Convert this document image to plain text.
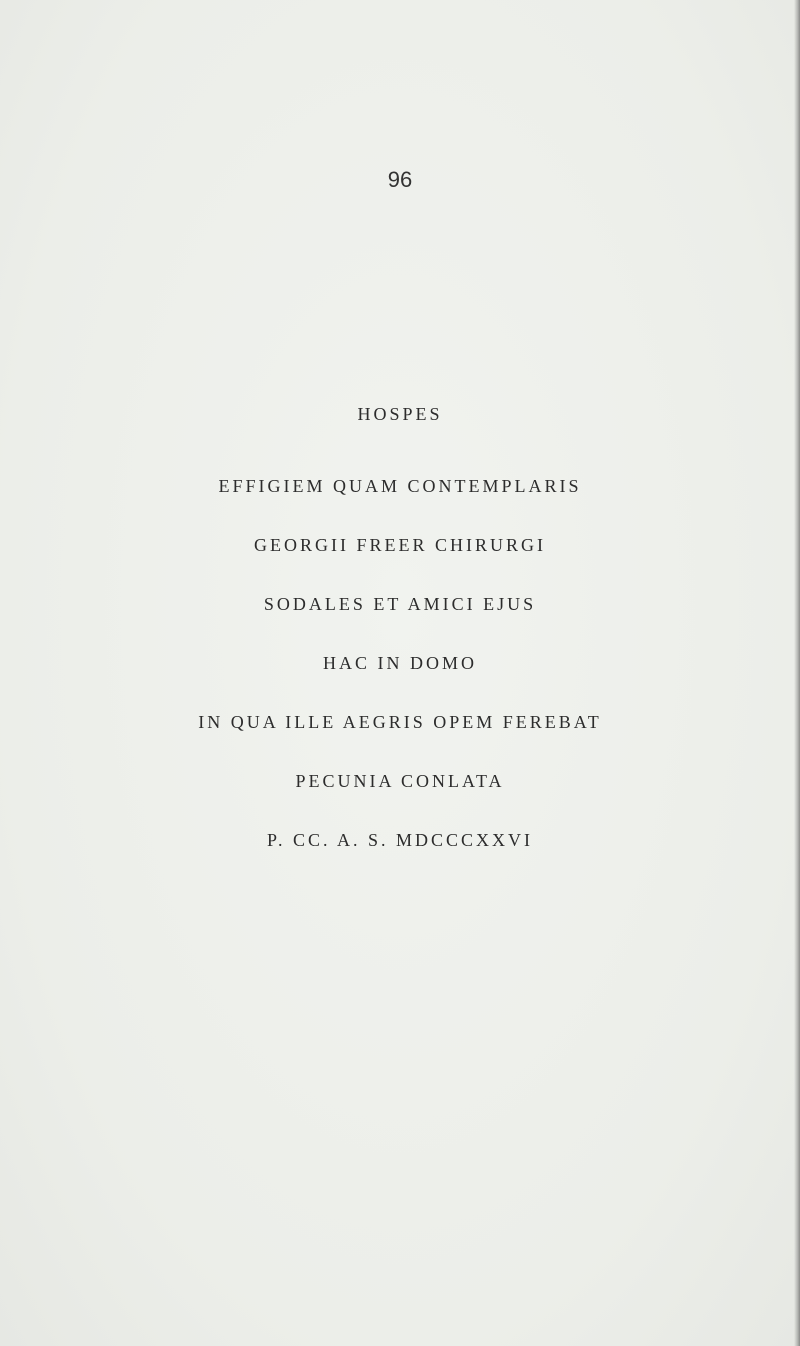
96
HOSPES
EFFIGIEM QUAM CONTEMPLARIS
GEORGII FREER CHIRURGI
SODALES ET AMICI EJUS
HAC IN DOMO
IN QUA ILLE AEGRIS OPEM FEREBAT
PECUNIA CONLATA
P. CC. A. S. MDCCCXXVI
